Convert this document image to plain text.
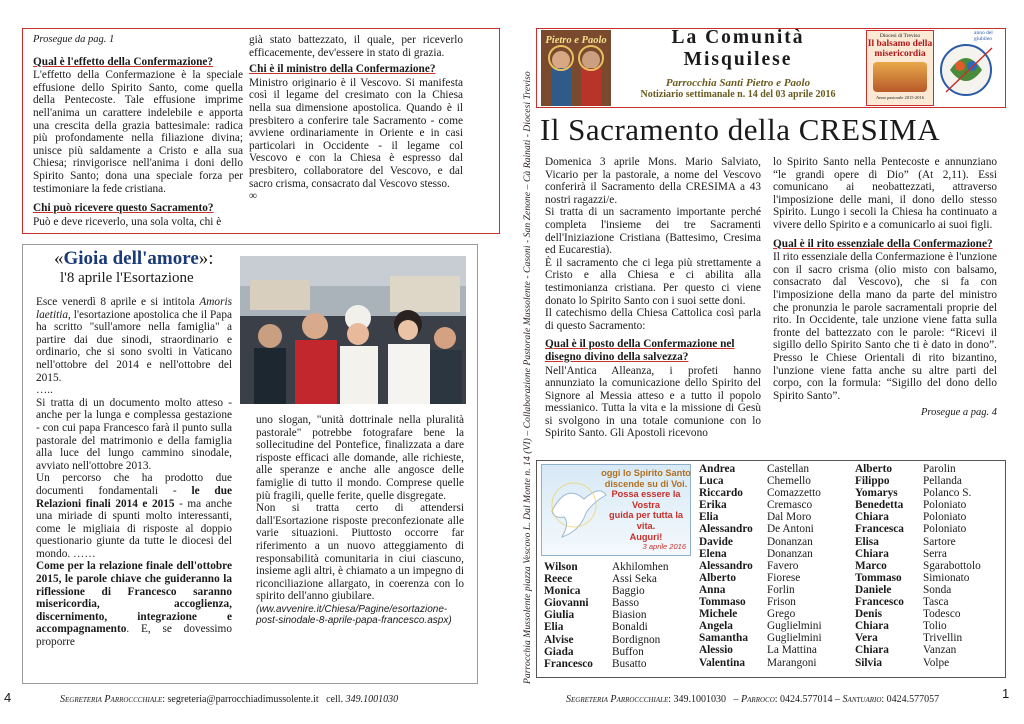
Prosegue da pag. 1
Qual è l'effetto della Confermazione?

L'effetto della Confermazione è la speciale effusione dello Spirito Santo, come quella della Pentecoste. Tale effusione imprime nell'anima un carattere indelebile e apporta una crescita della grazia battesimale: radica più profondamente nella filiazione divina; unisce più saldamente a Cristo e alla sua Chiesa; rinvigorisce nell'anima i doni dello Spirito Santo; dona una speciale forza per testimoniare la fede cristiana.

Chi può ricevere questo Sacramento?

Può e deve riceverlo, una sola volta, chi è

già stato battezzato, il quale, per riceverlo efficacemente, dev'essere in stato di grazia.

Chi è il ministro della Confermazione?

Ministro originario è il Vescovo. Si manifesta così il legame del cresimato con la Chiesa nella sua dimensione apostolica. Quando è il presbitero a conferire tale Sacramento - come avviene ordinariamente in Oriente e in casi particolari in Occidente - il legame col Vescovo e con la Chiesa è espresso dal presbitero, collaboratore del Vescovo, e dal sacro crisma, consacrato dal Vescovo stesso.

∞

«Gioia dell'amore»:
l'8 aprile l'Esortazione

Esce venerdì 8 aprile e si intitola Amoris laetitia, l'esortazione apostolica che il Papa ha scritto "sull'amore nella famiglia" a partire dai due sinodi, straordinario e ordinario, che si sono svolti in Vaticano nell'ottobre del 2014 e nell'ottobre del 2015.

…..

Si tratta di un documento molto atteso - anche per la lunga e complessa gestazione - con cui papa Francesco farà il punto sulla pastorale del matrimonio e della famiglia alla luce del lungo cammino sinodale, avviato nell'ottobre 2013.

Un percorso che ha prodotto due documenti fondamentali - le due Relazioni finali 2014 e 2015 - ma anche una miriade di spunti molto interessanti, come le migliaia di risposte al doppio questionario giunte da tutte le diocesi del mondo. ……

Come per la relazione finale dell'ottobre 2015, le parole chiave che guideranno la riflessione di Francesco saranno misericordia, accoglienza, discernimento, integrazione e accompagnamento. E, se dovessimo proporre

uno slogan, "unità dottrinale nella pluralità pastorale" potrebbe fotografare bene la sollecitudine del Pontefice, finalizzata a dare risposte efficaci alle domande, alle richieste, alle speranze e anche alle angosce delle famiglie di tutto il mondo. Comprese quelle più fragili, quelle ferite, quelle disgregate.

Non si tratta certo di attendersi dall'Esortazione risposte preconfezionate alle varie situazioni. Piuttosto occorre far riferimento a un nuovo atteggiamento di responsabilità comunitaria in ciui ciascuno, insieme agli altri, è chiamato a un impegno di riconciliazione allargato, in coerenza con lo spirito dell'anno giubilare.

(ww.avvenire.it/Chiesa/Pagine/esortazione-post-sinodale-8-aprile-papa-francesco.aspx)

4	Segreteria Parroccchiale: segreteria@parrocchiadimussolente.it cell. 349.1001030
Parrocchia Mussolente piazza Vescovo L. Dal Monte n. 14 (VI) – Collaborazione Pastorale Mussolente - Casoni - San Zenone – Cà Rainati - Diocesi Treviso
Pietro e Paolo	La Comunità
Misquilese
Parrocchia Santi Pietro e Paolo
Notiziario settimanale n. 14 del 03 aprile 2016
Diocesi di Treviso
Il balsamo della misericordia
Anno pastorale 2015-2016
anno del giubileo
Il Sacramento della CRESIMA

Domenica 3 aprile Mons. Mario Salviato, Vicario per la pastorale, a nome del Vescovo conferirà il Sacramento della CRESIMA a 43 nostri ragazzi/e.

Si tratta di un sacramento importante perché completa l'insieme dei tre Sacramenti dell'Iniziazione Cristiana (Battesimo, Cresima ed Eucarestia).

È il sacramento che ci lega più strettamente a Cristo e alla Chiesa e ci abilita alla testimonianza cristiana. Per questo ci viene donato lo Spirito Santo con i suoi sette doni.

Il catechismo della Chiesa Cattolica così parla di questo Sacramento:

Qual è il posto della Confermazione nel disegno divino della salvezza?

Nell'Antica Alleanza, i profeti hanno annunziato la comunicazione dello Spirito del Signore al Messia atteso e a tutto il popolo messianico. Tutta la vita e la missione di Gesù si svolgono in una totale comunione con lo Spirito Santo. Gli Apostoli ricevono

lo Spirito Santo nella Pentecoste e annunziano “le grandi opere di Dio” (At 2,11). Essi comunicano ai neobattezzati, attraverso l'imposizione delle mani, il dono dello stesso Spirito. Lungo i secoli la Chiesa ha continuato a vivere dello Spirito e a comunicarlo ai suoi figli.

Qual è il rito essenziale della Confermazione?

Il rito essenziale della Confermazione è l'unzione con il sacro crisma (olio misto con balsamo, consacrato dal Vescovo), che si fa con l'imposizione della mano da parte del ministro che pronunzia le parole sacramentali proprie del rito. In Occidente, tale unzione viene fatta sulla fronte del battezzato con le parole: “Ricevi il sigillo dello Spirito Santo che ti è dato in dono”. Presso le Chiese Orientali di rito bizantino, l'unzione viene fatta anche su altre parti del corpo, con la formula: “Sigillo del dono dello Spirito Santo”.

Prosegue a pag. 4
oggi lo Spirito Santo
discende su di Voi.
Possa essere la Vostra
guida per tutta la vita.
Auguri!
3 aprile 2016
Wilson	Akhilomhen
Reece	Assi Seka
Monica	Baggio
Giovanni	Basso
Giulia	Biasion
Elia	Bonaldi
Alvise	Bordignon
Giada	Buffon
Francesco	Busatto
Andrea	Castellan
Luca	Chemello
Riccardo	Comazzetto
Erika	Cremasco
Elia	Dal Moro
Alessandro	De Antoni
Davide	Donanzan
Elena	Donanzan
Alessandro	Favero
Alberto	Fiorese
Anna	Forlin
Tommaso	Frison
Michele	Grego
Angela	Guglielmini
Samantha	Guglielmini
Alessio	La Mattina
Valentina	Marangoni
Alberto	Parolin
Filippo	Pellanda
Yomarys	Polanco S.
Benedetta	Poloniato
Chiara	Poloniato
Francesca	Poloniato
Elisa	Sartore
Chiara	Serra
Marco	Sgarabottolo
Tommaso	Simionato
Daniele	Sonda
Francesco	Tasca
Denis	Todesco
Chiara	Tolio
Vera	Trivellin
Chiara	Vanzan
Silvia	Volpe
Segreteria Parroccchiale: 349.1001030   – Parroco: 0424.577014 – Santuario: 0424.577057	1
